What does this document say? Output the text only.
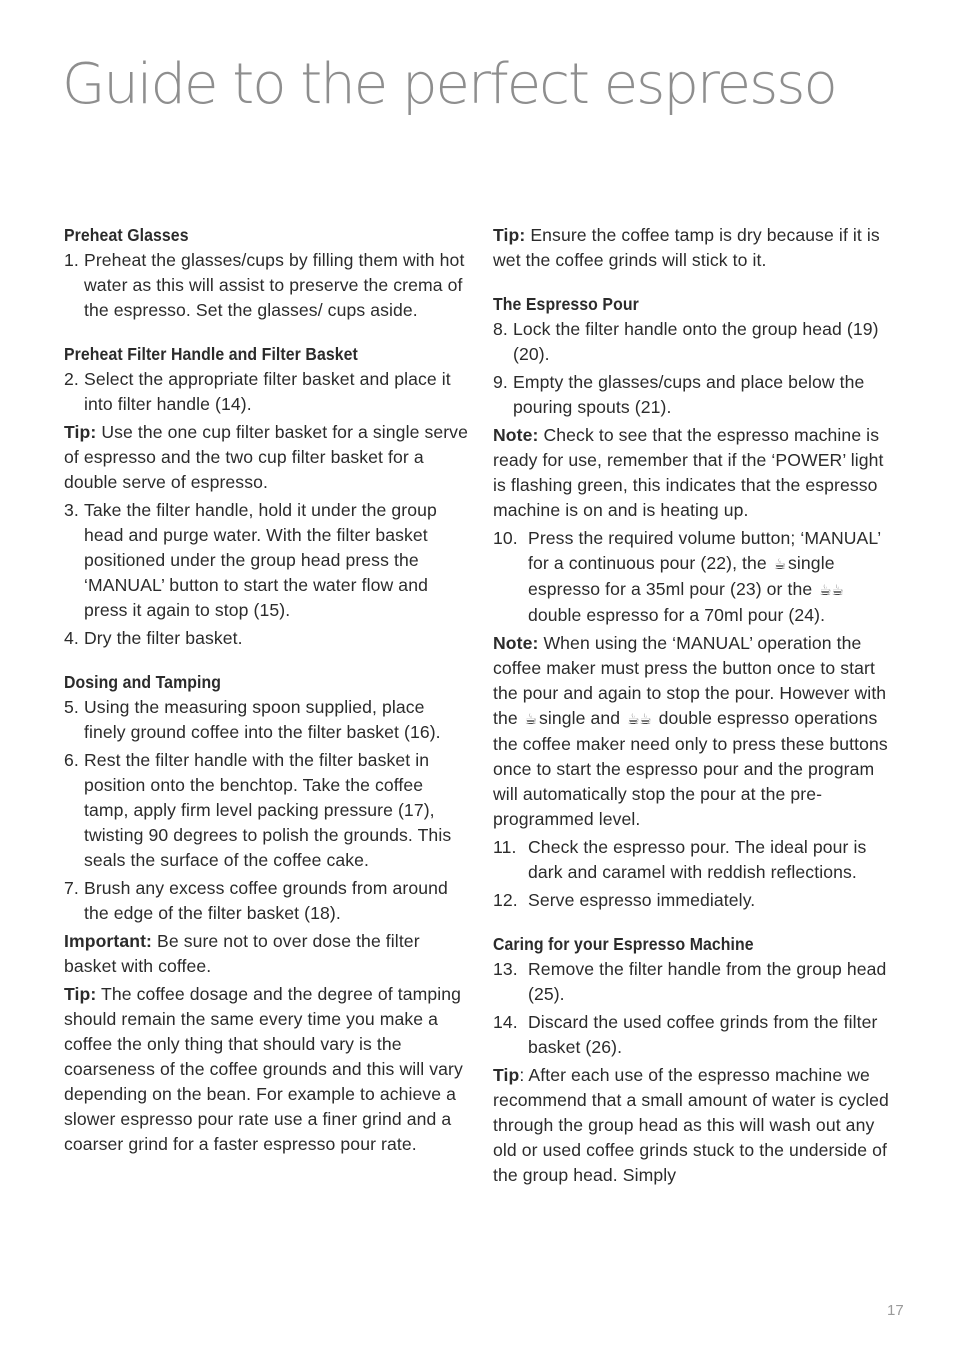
Guide to the perfect espresso
Preheat Glasses
1. Preheat the glasses/cups by filling them with hot water as this will assist to preserve the crema of the espresso. Set the glasses/ cups aside.
Preheat Filter Handle and Filter Basket
2. Select the appropriate filter basket and place it into filter handle (14).

Tip: Use the one cup filter basket for a single serve of espresso and the two cup filter basket for a double serve of espresso.

3. Take the filter handle, hold it under the group head and purge water. With the filter basket positioned under the group head press the ‘MANUAL’ button to start the water flow and press it again to stop (15).
4. Dry the filter basket.
Dosing and Tamping
5. Using the measuring spoon supplied, place finely ground coffee into the filter basket (16).
6. Rest the filter handle with the filter basket in position onto the benchtop. Take the coffee tamp, apply firm level packing pressure (17), twisting 90 degrees to polish the grounds. This seals the surface of the coffee cake.
7. Brush any excess coffee grounds from around the edge of the filter basket (18).

Important: Be sure not to over dose the filter basket with coffee.

Tip: The coffee dosage and the degree of tamping should remain the same every time you make a coffee the only thing that should vary is the coarseness of the coffee grounds and this will vary depending on the bean. For example to achieve a slower espresso pour rate use a finer grind and a coarser grind for a faster espresso pour rate.

Tip: Ensure the coffee tamp is dry because if it is wet the coffee grinds will stick to it.

The Espresso Pour
8. Lock the filter handle onto the group head (19)(20).
9. Empty the glasses/cups and place below the pouring spouts (21).

Note: Check to see that the espresso machine is ready for use, remember that if the ‘POWER’ light is flashing green, this indicates that the espresso machine is on and is heating up.

10. Press the required volume button; ‘MANUAL’ for a continuous pour (22), the ☕ single espresso for a 35ml pour (23) or the ☕☕double espresso for a 70ml pour (24).

Note: When using the ‘MANUAL’ operation the coffee maker must press the button once to start the pour and again to stop the pour. However with the ☕ single and ☕☕ double espresso operations the coffee maker need only to press these buttons once to start the espresso pour and the program will automatically stop the pour at the pre-programmed level.

11. Check the espresso pour. The ideal pour is dark and caramel with reddish reflections.
12. Serve espresso immediately.
Caring for your Espresso Machine
13. Remove the filter handle from the group head (25).
14. Discard the used coffee grinds from the filter basket (26).

Tip: After each use of the espresso machine we recommend that a small amount of water is cycled through the group head as this will wash out any old or used coffee grinds stuck to the underside of the group head. Simply

17
